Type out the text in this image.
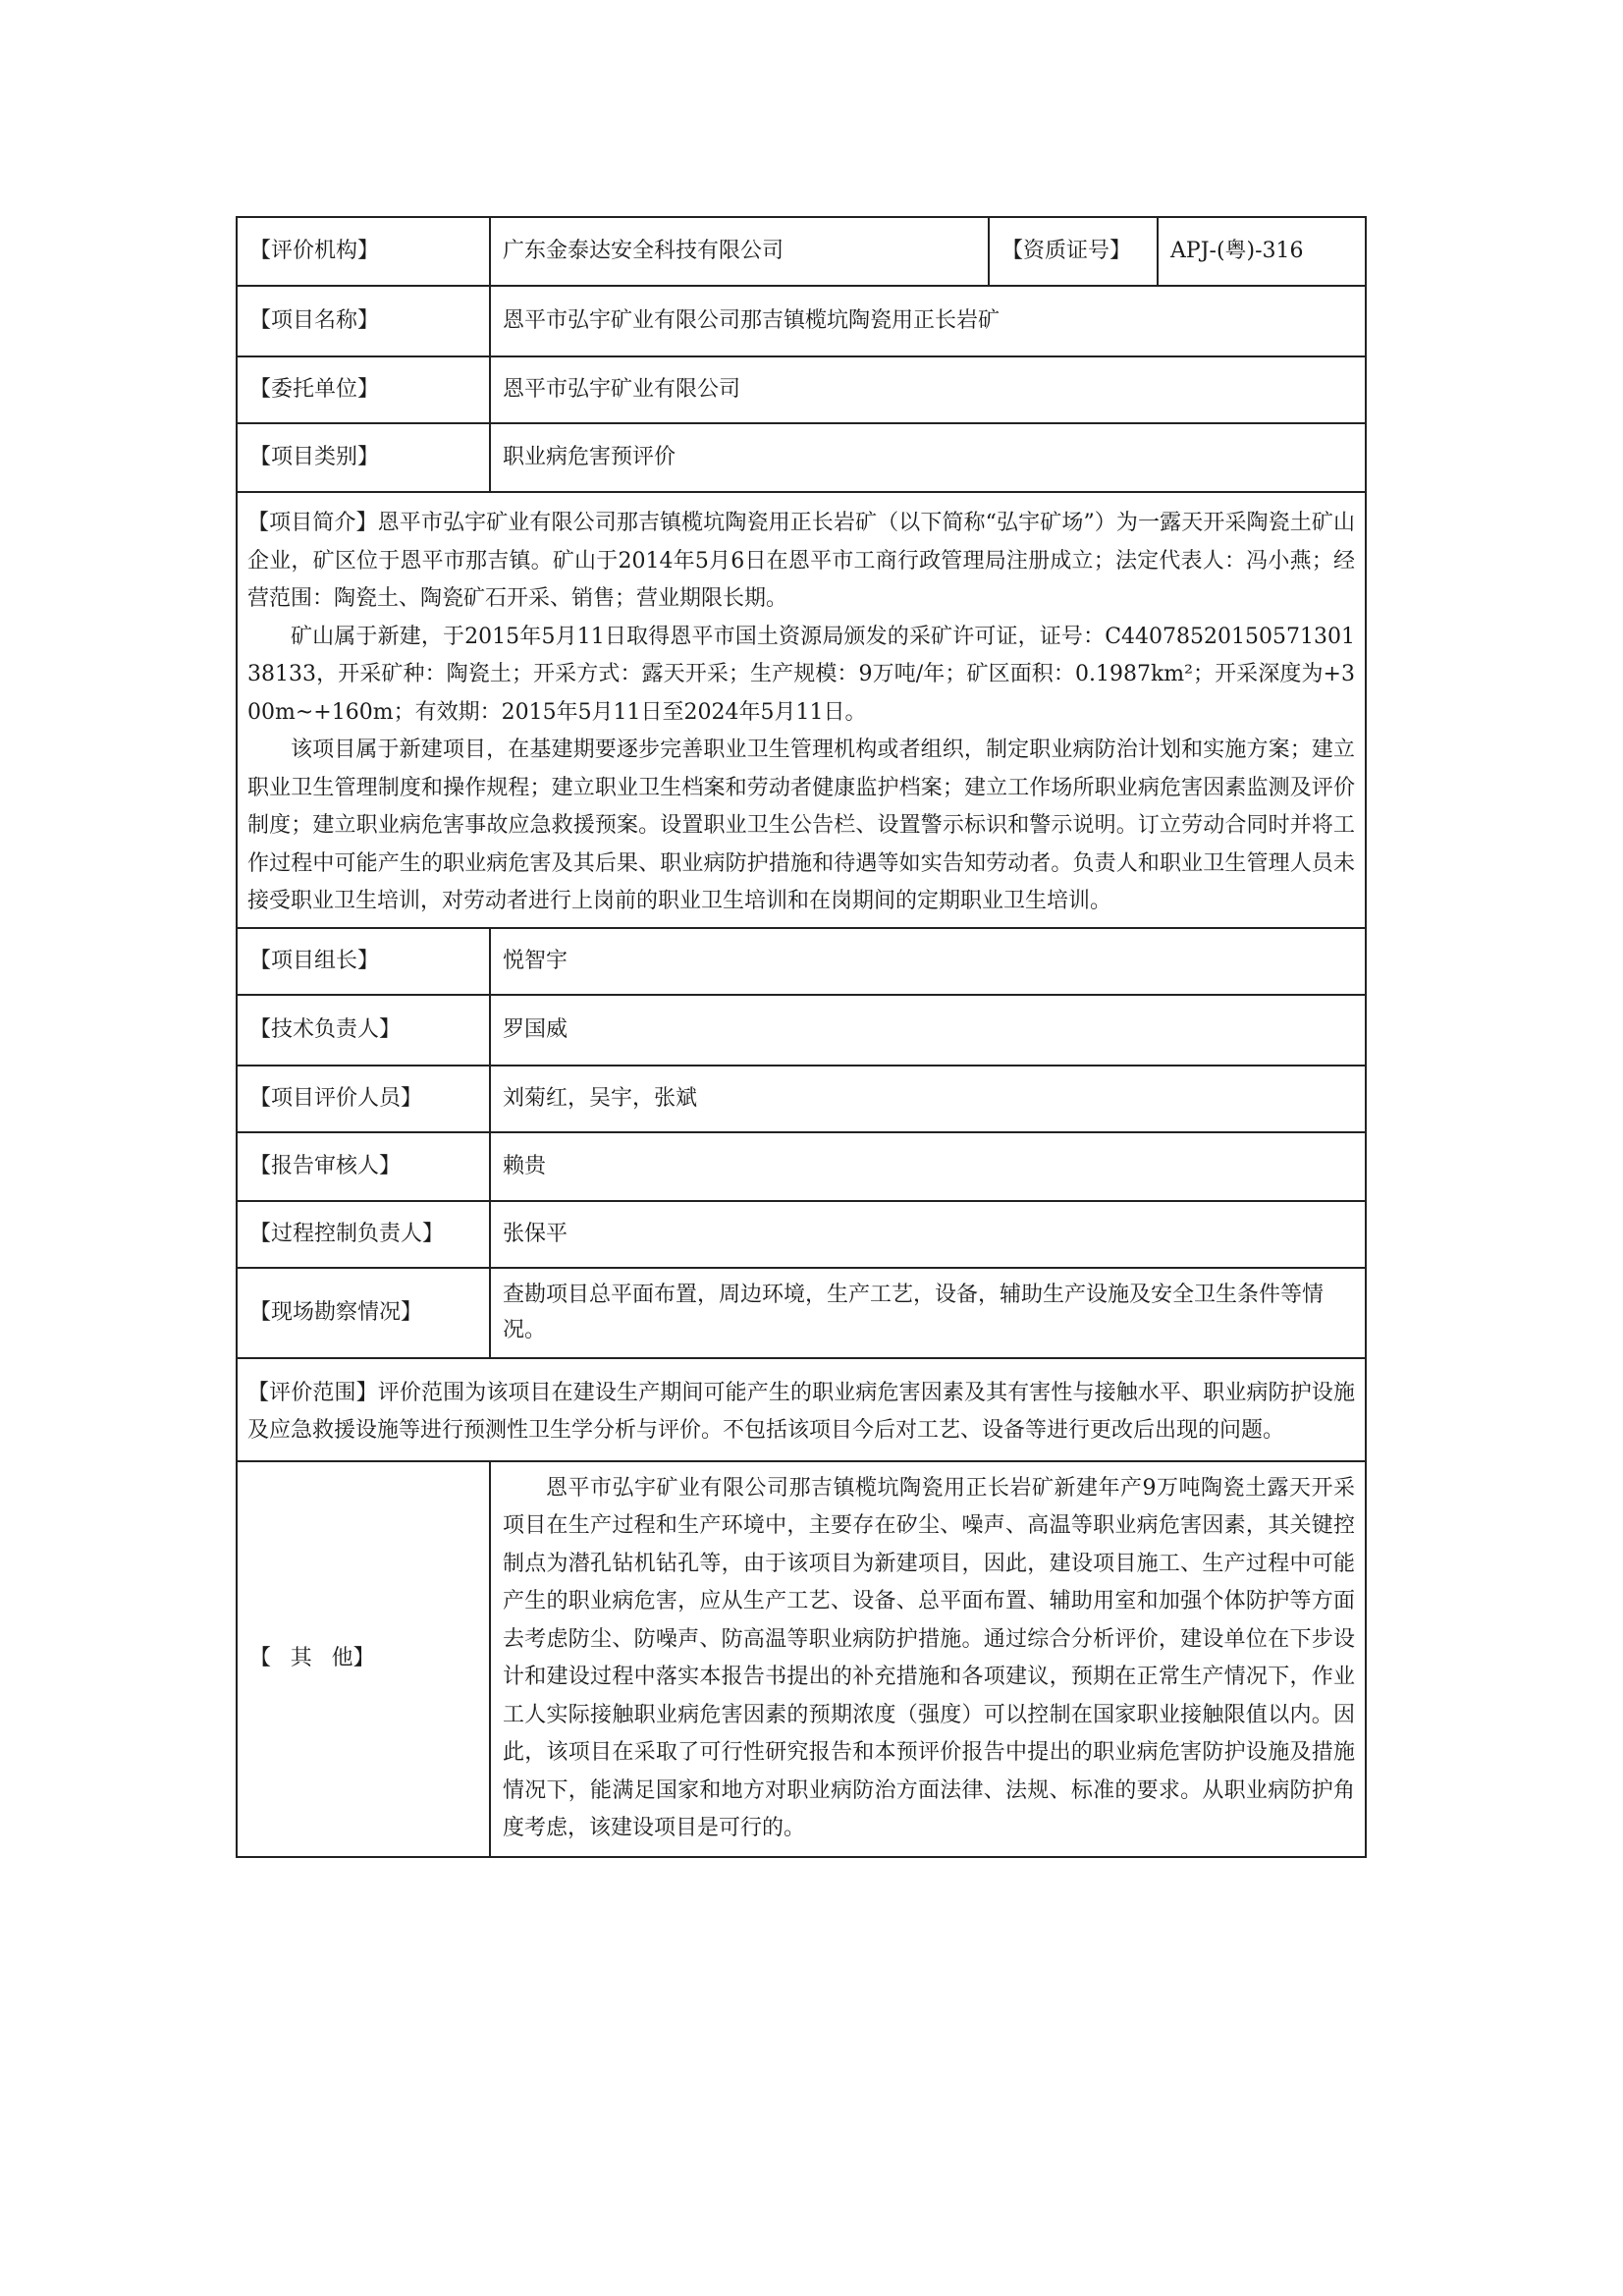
【评价机构】	广东金泰达安全科技有限公司	【资质证号】	APJ-(粤)-316
【项目名称】	恩平市弘宇矿业有限公司那吉镇榄坑陶瓷用正长岩矿		
【委托单位】	恩平市弘宇矿业有限公司		
【项目类别】	职业病危害预评价		

【项目简介】恩平市弘宇矿业有限公司那吉镇榄坑陶瓷用正长岩矿（以下简称“弘宇矿场”）为一露天开采陶瓷土矿山企业，矿区位于恩平市那吉镇。矿山于2014年5月6日在恩平市工商行政管理局注册成立；法定代表人：冯小燕；经营范围：陶瓷土、陶瓷矿石开采、销售；营业期限长期。

矿山属于新建，于2015年5月11日取得恩平市国土资源局颁发的采矿许可证，证号：C4407852015057130138133，开采矿种：陶瓷土；开采方式：露天开采；生产规模：9万吨/年；矿区面积：0.1987km²；开采深度为+300m~+160m；有效期：2015年5月11日至2024年5月11日。

该项目属于新建项目，在基建期要逐步完善职业卫生管理机构或者组织，制定职业病防治计划和实施方案；建立职业卫生管理制度和操作规程；建立职业卫生档案和劳动者健康监护档案；建立工作场所职业病危害因素监测及评价制度；建立职业病危害事故应急救援预案。设置职业卫生公告栏、设置警示标识和警示说明。订立劳动合同时并将工作过程中可能产生的职业病危害及其后果、职业病防护措施和待遇等如实告知劳动者。负责人和职业卫生管理人员未接受职业卫生培训，对劳动者进行上岗前的职业卫生培训和在岗期间的定期职业卫生培训。			

【项目组长】	悦智宇		
【技术负责人】	罗国威		
【项目评价人员】	刘菊红，吴宇，张斌		
【报告审核人】	赖贵		
【过程控制负责人】	张保平		
【现场勘察情况】	查勘项目总平面布置，周边环境，生产工艺，设备，辅助生产设施及安全卫生条件等情况。		

【评价范围】评价范围为该项目在建设生产期间可能产生的职业病危害因素及其有害性与接触水平、职业病防护设施及应急救援设施等进行预测性卫生学分析与评价。不包括该项目今后对工艺、设备等进行更改后出现的问题。			

【其他】	恩平市弘宇矿业有限公司那吉镇榄坑陶瓷用正长岩矿新建年产9万吨陶瓷土露天开采项目在生产过程和生产环境中，主要存在矽尘、噪声、高温等职业病危害因素，其关键控制点为潜孔钻机钻孔等，由于该项目为新建项目，因此，建设项目施工、生产过程中可能产生的职业病危害，应从生产工艺、设备、总平面布置、辅助用室和加强个体防护等方面去考虑防尘、防噪声、防高温等职业病防护措施。通过综合分析评价，建设单位在下步设计和建设过程中落实本报告书提出的补充措施和各项建议，预期在正常生产情况下，作业工人实际接触职业病危害因素的预期浓度（强度）可以控制在国家职业接触限值以内。因此，该项目在采取了可行性研究报告和本预评价报告中提出的职业病危害防护设施及措施情况下，能满足国家和地方对职业病防治方面法律、法规、标准的要求。从职业病防护角度考虑，该建设项目是可行的。		
